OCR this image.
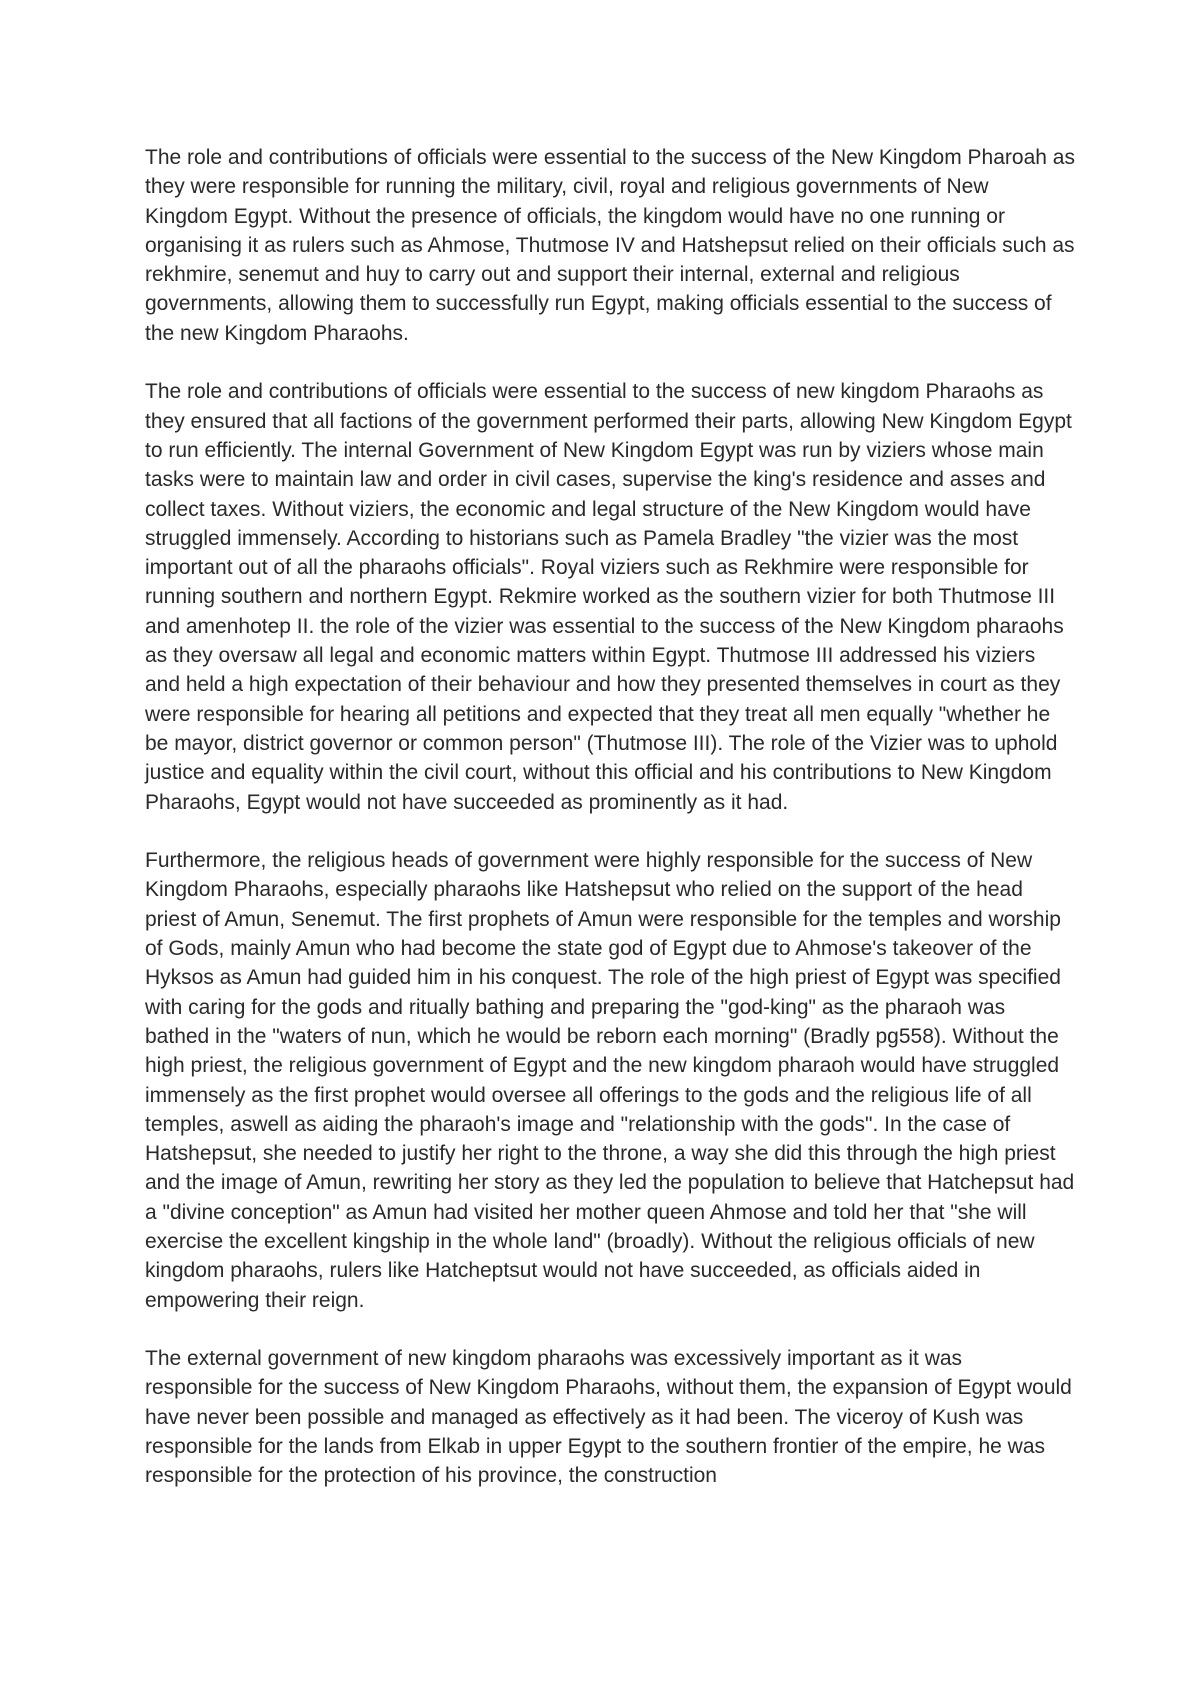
The role and contributions of officials were essential to the success of the New Kingdom Pharoah as they were responsible for running the military, civil, royal and religious governments of New Kingdom Egypt. Without the presence of officials, the kingdom would have no one running or organising it as rulers such as Ahmose, Thutmose IV and Hatshepsut relied on their officials such as rekhmire, senemut and huy to carry out and support their internal, external and religious governments, allowing them to successfully run Egypt, making officials essential to the success of the new Kingdom Pharaohs.

The role and contributions of officials were essential to the success of new kingdom Pharaohs as they ensured that all factions of the government performed their parts, allowing New Kingdom Egypt to run efficiently. The internal Government of New Kingdom Egypt was run by viziers whose main tasks were to maintain law and order in civil cases, supervise the king's residence and asses and collect taxes. Without viziers, the economic and legal structure of the New Kingdom would have struggled immensely. According to historians such as Pamela Bradley "the vizier was the most important out of all the pharaohs officials". Royal viziers such as Rekhmire were responsible for running southern and northern Egypt. Rekmire worked as the southern vizier for both Thutmose III and amenhotep II. the role of the vizier was essential to the success of the New Kingdom pharaohs as they oversaw all legal and economic matters within Egypt. Thutmose III addressed his viziers and held a high expectation of their behaviour and how they presented themselves in court as they were responsible for hearing all petitions and expected that they treat all men equally "whether he be mayor, district governor or common person" (Thutmose III). The role of the Vizier was to uphold justice and equality within the civil court, without this official and his contributions to New Kingdom Pharaohs, Egypt would not have succeeded as prominently as it had.

Furthermore, the religious heads of government were highly responsible for the success of New Kingdom Pharaohs, especially pharaohs like Hatshepsut who relied on the support of the head priest of Amun, Senemut. The first prophets of Amun were responsible for the temples and worship of Gods, mainly Amun who had become the state god of Egypt due to Ahmose's takeover of the Hyksos as Amun had guided him in his conquest. The role of the high priest of Egypt was specified with caring for the gods and ritually bathing and preparing the "god-king" as the pharaoh was bathed in the "waters of nun, which he would be reborn each morning" (Bradly pg558). Without the high priest, the religious government of Egypt and the new kingdom pharaoh would have struggled immensely as the first prophet would oversee all offerings to the gods and the religious life of all temples, aswell as aiding the pharaoh's image and "relationship with the gods". In the case of Hatshepsut, she needed to justify her right to the throne, a way she did this through the high priest and the image of Amun, rewriting her story as they led the population to believe that Hatchepsut had a "divine conception" as Amun had visited her mother queen Ahmose and told her that "she will exercise the excellent kingship in the whole land" (broadly). Without the religious officials of new kingdom pharaohs, rulers like Hatcheptsut would not have succeeded, as officials aided in empowering their reign.

The external government of new kingdom pharaohs was excessively important as it was responsible for the success of New Kingdom Pharaohs, without them, the expansion of Egypt would have never been possible and managed as effectively as it had been. The viceroy of Kush was responsible for the lands from Elkab in upper Egypt to the southern frontier of the empire, he was responsible for the protection of his province, the construction
